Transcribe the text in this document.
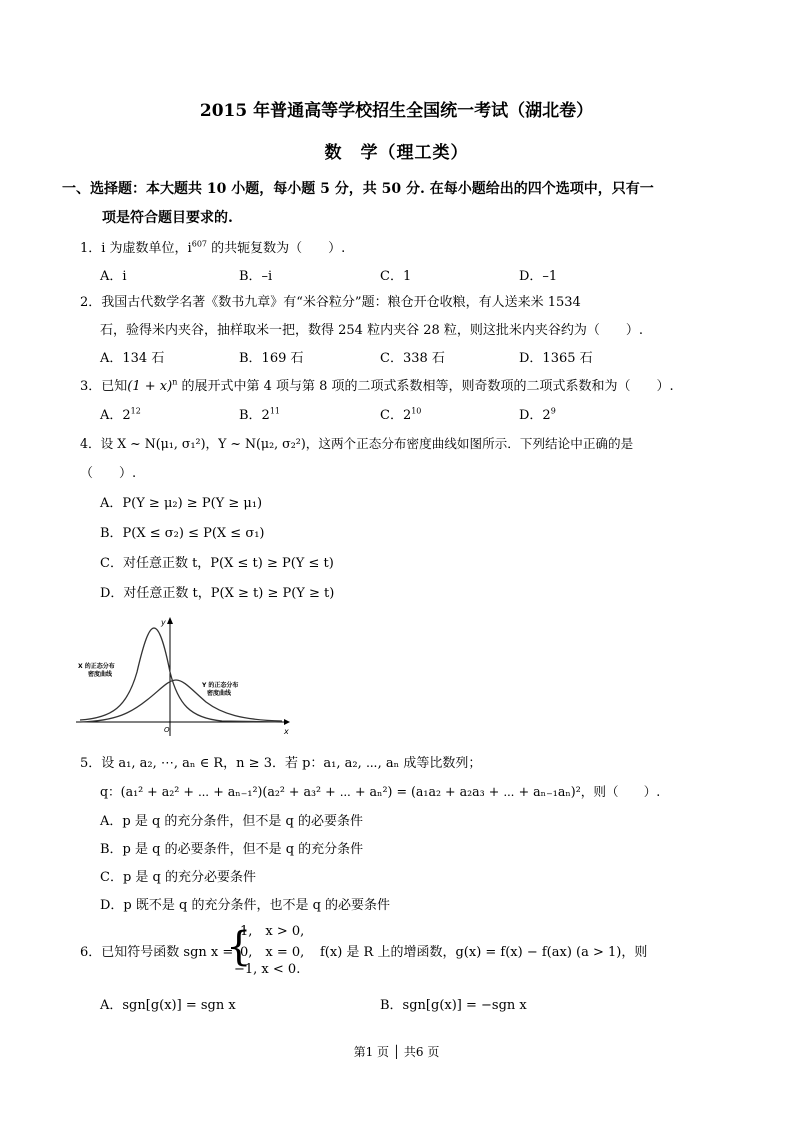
2015 年普通高等学校招生全国统一考试（湖北卷）
数　学（理工类）
一、选择题：本大题共 10 小题，每小题 5 分，共 50 分. 在每小题给出的四个选项中，只有一
项是符合题目要求的.
1．i 为虚数单位，$i^{607}$ 的共轭复数为（　　）.
A．i	B．–i	C．1	D．–1
2．我国古代数学名著《数书九章》有“米谷粒分”题：粮仓开仓收粮，有人送来米 1534
石，验得米内夹谷，抽样取米一把，数得 254 粒内夹谷 28 粒，则这批米内夹谷约为（　　）.
A．134 石	B．169 石	C．338 石	D．1365 石
3．已知$(1 + x)^n$ 的展开式中第 4 项与第 8 项的二项式系数相等，则奇数项的二项式系数和为（　　）.
A．$2^{12}$	B．$2^{11}$	C．$2^{10}$	D．$2^9$
4．设 X ~ N(μ₁, σ₁²)，Y ~ N(μ₂, σ₂²)，这两个正态分布密度曲线如图所示．下列结论中正确的是
（　　）.
A．P(Y ≥ μ₂) ≥ P(Y ≥ μ₁)
B．P(X ≤ σ₂) ≤ P(X ≤ σ₁)
C．对任意正数 t，P(X ≤ t) ≥ P(Y ≤ t)
D．对任意正数 t，P(X ≥ t) ≥ P(Y ≥ t)
y
x
O
X 的正态分布
密度曲线
Y 的正态分布
密度曲线
5．设 a₁, a₂, ⋯, aₙ ∈ R，n ≥ 3．若 p：a₁, a₂, ⋯, aₙ 成等比数列；
q：(a₁² + a₂² + ⋯ + aₙ₋₁²)(a₂² + a₃² + ⋯ + aₙ²) = (a₁a₂ + a₂a₃ + ⋯ + aₙ₋₁aₙ)²，则（　　）.
A．p 是 q 的充分条件，但不是 q 的必要条件
B．p 是 q 的必要条件，但不是 q 的充分条件
C．p 是 q 的充分必要条件
D．p 既不是 q 的充分条件，也不是 q 的必要条件
6．已知符号函数 sgn x =
{
1,　x > 0,
0,　x = 0,
−1, x < 0.
f(x) 是 R 上的增函数，g(x) = f(x) − f(ax) (a > 1)，则
A．sgn[g(x)] = sgn x	B．sgn[g(x)] = −sgn x
第1 页 │ 共6 页
